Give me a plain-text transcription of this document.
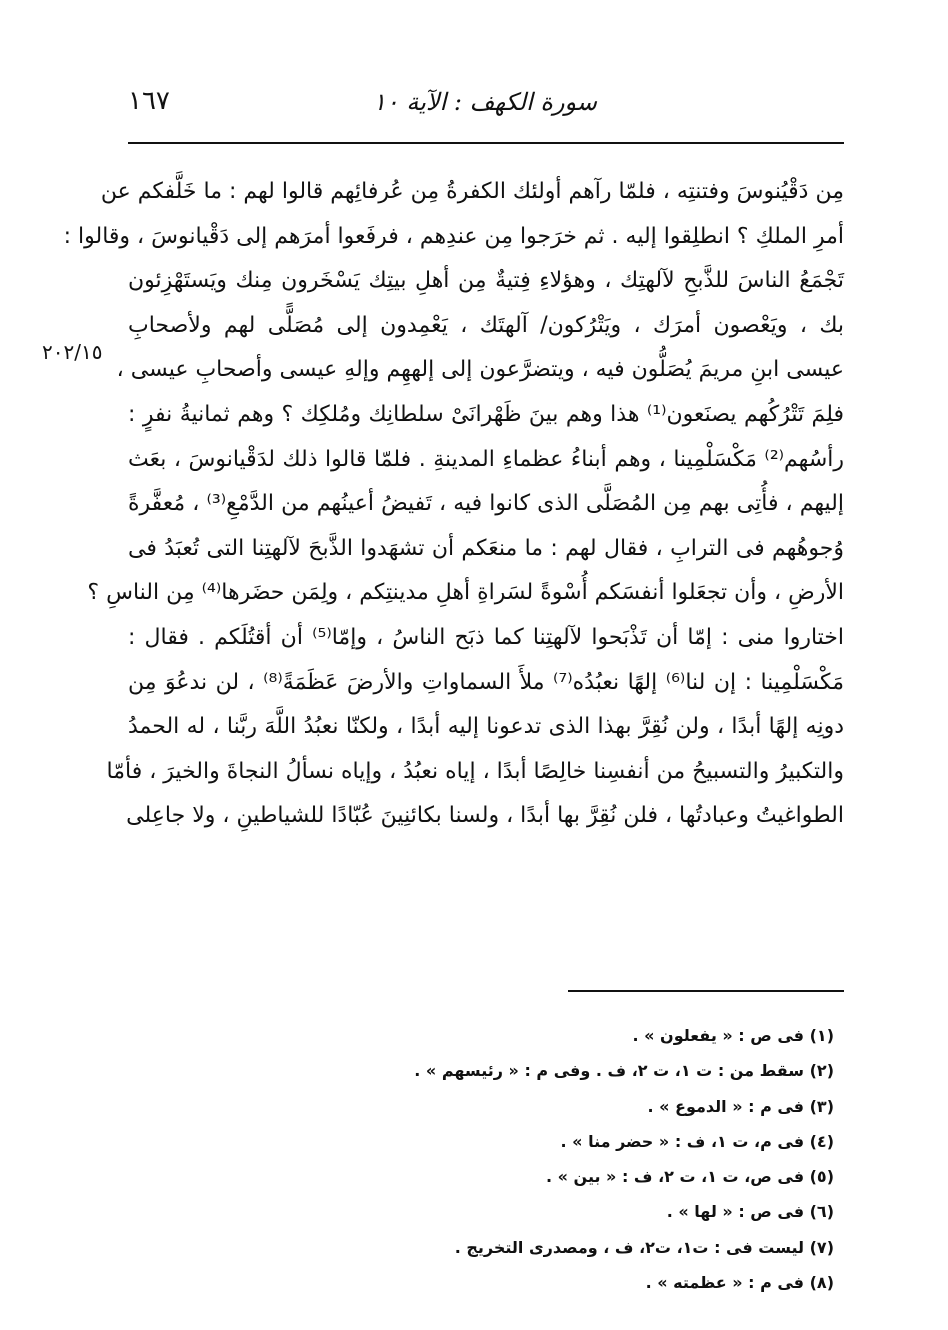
١٦٧	سورة الكهف : الآية ١٠
٢٠٢/١٥
مِن دَقْيُنوسَ وفتنتِه ، فلمّا رآهم أولئك الكفرةُ مِن عُرفائِهم قالوا لهم : ما خَلَّفكم عن
أمرِ الملكِ ؟ انطلِقوا إليه . ثم خرَجوا مِن عندِهم ، فرفَعوا أمرَهم إلى دَقْيانوسَ ، وقالوا :
تَجْمَعُ الناسَ للذَّبحِ لآلهتِك ، وهؤلاءِ فِتيةٌ مِن أهلِ بيتِك يَسْخَرون مِنك ويَستَهْزِئون
بك ، ويَعْصون أمرَك ، ويَتْرُكون/ آلهتَك ، يَعْمِدون إلى مُصَلًّى لهم ولأصحابِ
عيسى ابنِ مريمَ يُصَلُّون فيه ، ويتضرَّعون إلى إلههِم وإلهِ عيسى وأصحابِ عيسى ،
فلِمَ تَتْرُكُهم يصنَعون⁽¹⁾ هذا وهم بينَ ظَهْرانَىْ سلطانِك ومُلكِك ؟ وهم ثمانيةُ نفرٍ :
رأسُهم⁽²⁾ مَكْسَلْمِينا ، وهم أبناءُ عظماءِ المدينةِ . فلمّا قالوا ذلك لدَقْيانوسَ ، بعَث
إليهم ، فأُتِى بهم مِن المُصَلَّى الذى كانوا فيه ، تَفيضُ أعينُهم من الدَّمْعِ⁽³⁾ ، مُعفَّرةً
وُجوهُهم فى الترابِ ، فقال لهم : ما منعَكم أن تشهَدوا الذَّبحَ لآلهتِنا التى تُعبَدُ فى
الأرضِ ، وأن تجعَلوا أنفسَكم أُسْوةً لسَراةِ أهلِ مدينتِكم ، ولِمَن حضَرها⁽⁴⁾ مِن الناسِ ؟
اختاروا منى : إمّا أن تَذْبَحوا لآلهتِنا كما ذبَح الناسُ ، وإمّا⁽⁵⁾ أن أقتُلَكم . فقال :
مَكْسَلْمِينا : إن لنا⁽⁶⁾ إلهًا نعبُدُه⁽⁷⁾ ملأَ السماواتِ والأرضَ عَظَمَةً⁽⁸⁾ ، لن ندعُوَ مِن
دونِه إلهًا أبدًا ، ولن نُقِرَّ بهذا الذى تدعونا إليه أبدًا ، ولكنّا نعبُدُ اللَّهَ ربَّنا ، له الحمدُ
والتكبيرُ والتسبيحُ من أنفسِنا خالِصًا أبدًا ، إياه نعبُدُ ، وإياه نسألُ النجاةَ والخيرَ ، فأمّا
الطواغيتُ وعبادتُها ، فلن نُقِرَّ بها أبدًا ، ولسنا بكائنِينَ عُبّادًا للشياطينِ ، ولا جاعِلى
(١) فى ص : « يفعلون » .
(٢) سقط من : ت ١، ت ٢، ف . وفى م : « رئيسهم » .
(٣) فى م : « الدموع » .
(٤) فى م، ت ١، ف : « حضر منا » .
(٥) فى ص، ت ١، ت ٢، ف : « بين » .
(٦) فى ص : « لها » .
(٧) ليست فى : ت١، ت٢، ف ، ومصدرى التخريج .
(٨) فى م : « عظمته » .
